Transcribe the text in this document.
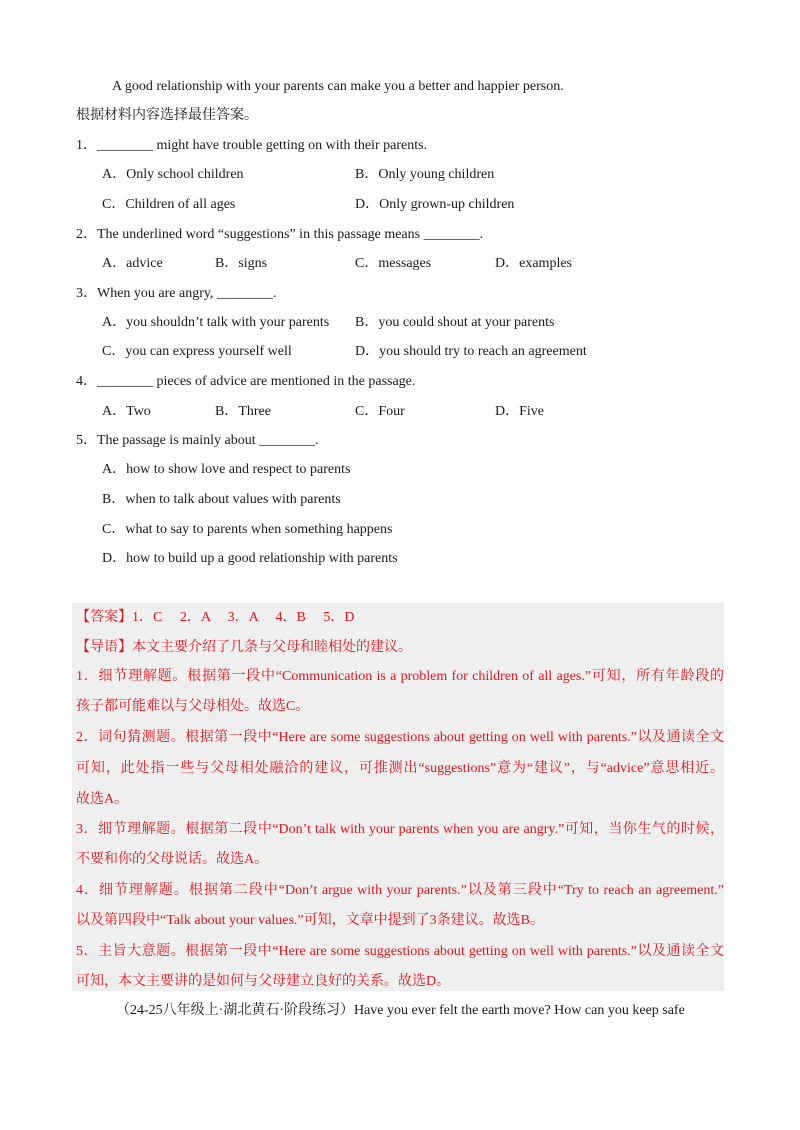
A good relationship with your parents can make you a better and happier person.
根据材料内容选择最佳答案。
1．________ might have trouble getting on with their parents.
A．Only school children	B．Only young children
C．Children of all ages	D．Only grown-up children
2．The underlined word “suggestions” in this passage means ________.
A．advice	B．signs	C．messages	D．examples
3．When you are angry, ________.
A．you shouldn’t talk with your parents B．you could shout at your parents
C．you can express yourself well	D．you should try to reach an agreement
4．________ pieces of advice are mentioned in the passage.
A．Two	B．Three	C．Four	D．Five
5．The passage is mainly about ________.
A．how to show love and respect to parents
B．when to talk about values with parents
C．what to say to parents when something happens
D．how to build up a good relationship with parents
【答案】1．C　 2．A　 3．A　 4．B　 5．D
【导语】本文主要介绍了几条与父母和睦相处的建议。
1．细节理解题。根据第一段中“Communication is a problem for children of all ages.”可知，所有年龄段的
孩子都可能难以与父母相处。故选C。
2．词句猜测题。根据第一段中“Here are some suggestions about getting on well with parents.”以及通读全文
可知，此处指一些与父母相处融洽的建议，可推测出“suggestions”意为“建议”，与“advice”意思相近。
故选A。
3．细节理解题。根据第二段中“Don’t talk with your parents when you are angry.”可知，当你生气的时候，
不要和你的父母说话。故选A。
4．细节理解题。根据第二段中“Don’t argue with your parents.”以及第三段中“Try to reach an agreement.”
以及第四段中“Talk about your values.”可知，文章中提到了3条建议。故选B。
5．主旨大意题。根据第一段中“Here are some suggestions about getting on well with parents.”以及通读全文
可知，本文主要讲的是如何与父母建立良好的关系。故选D。
（24-25八年级上·湖北黄石·阶段练习）Have you ever felt the earth move? How can you keep safe
